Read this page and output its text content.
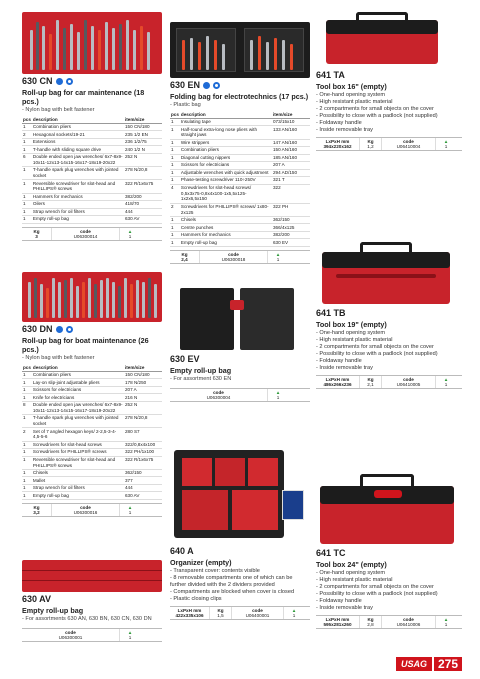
630 CN
Roll-up bag for car maintenance (18 pcs.)
- Nylon bag with belt fastener
pcs	description	item/size
1	Combination pliers	150 CN/180
2	Hexagonal sockets/19-21	235 1/2 EN
1	Extensions	236 1/2/75
1	T-handle with sliding square drive	240 1/2 N
6	Double ended open jaw wrenches/ 6x7-8x9-10x11-12x13-14x15-16x17-18x19-20x22	252 N
1	T-handle spark plug wrenches with jointed socket	278 N/20,8
1	Reversible screwdriver for slot-head and PHILLIPS® screws	322 R/1x6x75
1	Hammers for mechanics	382/200
1	Oilers	418/70
1	Strap wrench for oil filters	444
1	Empty roll-up bag	630 AV
Kg
3
code
U06300014
▲
1
630 DN
Roll-up bag for boat maintenance (26 pcs.)
- Nylon bag with belt fastener
pcs	description	item/size
1	Combination pliers	150 CN/180
1	Lay-on slip-joint adjustable pliers	178 N/250
1	Scissors for electricians	207 A
1	Knife for electricians	216 N
8	Double ended open jaw wrenches/ 6x7-8x9-10x11-12x13-14x15-16x17-18x19-20x22	252 N
1	T-handle spark plug wrenches with jointed socket	278 N/20,8
2	Set of 7 angled hexagon keys/ 2-2,5-3-4-4,5-5-6	280 S7
1	Screwdrivers for slot-head screws	322/0,8x4x100
1	Screwdrivers for PHILLIPS® screws	322 PH/1x100
1	Reversible screwdriver for slot-head and PHILLIPS® screws	322 R/1x6x75
1	Chisels	362/150
1	Mallet	377
1	Strap wrench for oil filters	444
1	Empty roll-up bag	630 AV
Kg
3,2
code
U06300016
▲
1
630 AV
Empty roll-up bag
- For assortments 630 AN, 630 BN, 630 CN, 630 DN
code
U06300001
▲
1
630 EN
Folding bag for electrotechnics (17 pcs.)
- Plastic bag
pcs	description	item/size
1	Insulating tape	073/15x10
1	Half-round extra-long nose pliers with straight jaws	133 AN/160
1	Wire strippers	147 AN/160
1	Combination pliers	150 AN/160
1	Diagonal cutting nippers	185 AN/160
1	Scissors for electricians	207 A
1	Adjustable wrenches with quick adjustment	294 AD/150
1	Phase-testing screwdriver 110÷250V	321 T
4	Screwdrivers for slot-head screws/ 0,5x3x75-0,8x4x100-1x5,5x125-1x2x6,5x150	322
2	Screwdrivers for PHILLIPS® screws/ 1x80-2x125	322 PH
1	Chisels	362/150
1	Centre punches	366/4x125
1	Hammers for mechanics	382/200
1	Empty roll-up bag	630 EV
Kg
2,4
code
U06300018
▲
1
630 EV
Empty roll-up bag
- For assortment 630 EN
code
U06300004
▲
1
640 A
Organizer (empty)
- Transparent cover: contents visible
- 8 removable compartments one of which can be further divided with the 2 dividers provided
- Compartments are blocked when cover is closed
- Plastic closing clips
LxPxH mm
422x335x106
Kg
1,5
code
U06400001
▲
1
641 TA
Tool box 16" (empty)
- One-hand opening system
- High resistant plastic material
- 2 compartments for small objects on the cover
- Possibility to close with a padlock (not supplied)
- Foldaway handle
- Inside removable tray
LxPxH mm
394x220x162
Kg
1,2
code
U06410004
▲
1
641 TB
Tool box 19" (empty)
- One-hand opening system
- High resistant plastic material
- 2 compartments for small objects on the cover
- Possibility to close with a padlock (not supplied)
- Foldaway handle
- Inside removable tray
LxPxH mm
486x266x236
Kg
2,1
code
U06410005
▲
1
641 TC
Tool box 24" (empty)
- One-hand opening system
- High resistant plastic material
- 2 compartments for small objects on the cover
- Possibility to close with a padlock (not supplied)
- Foldaway handle
- Inside removable tray
LxPxH mm
595x281x260
Kg
2,8
code
U06410006
▲
1
USAG 275
